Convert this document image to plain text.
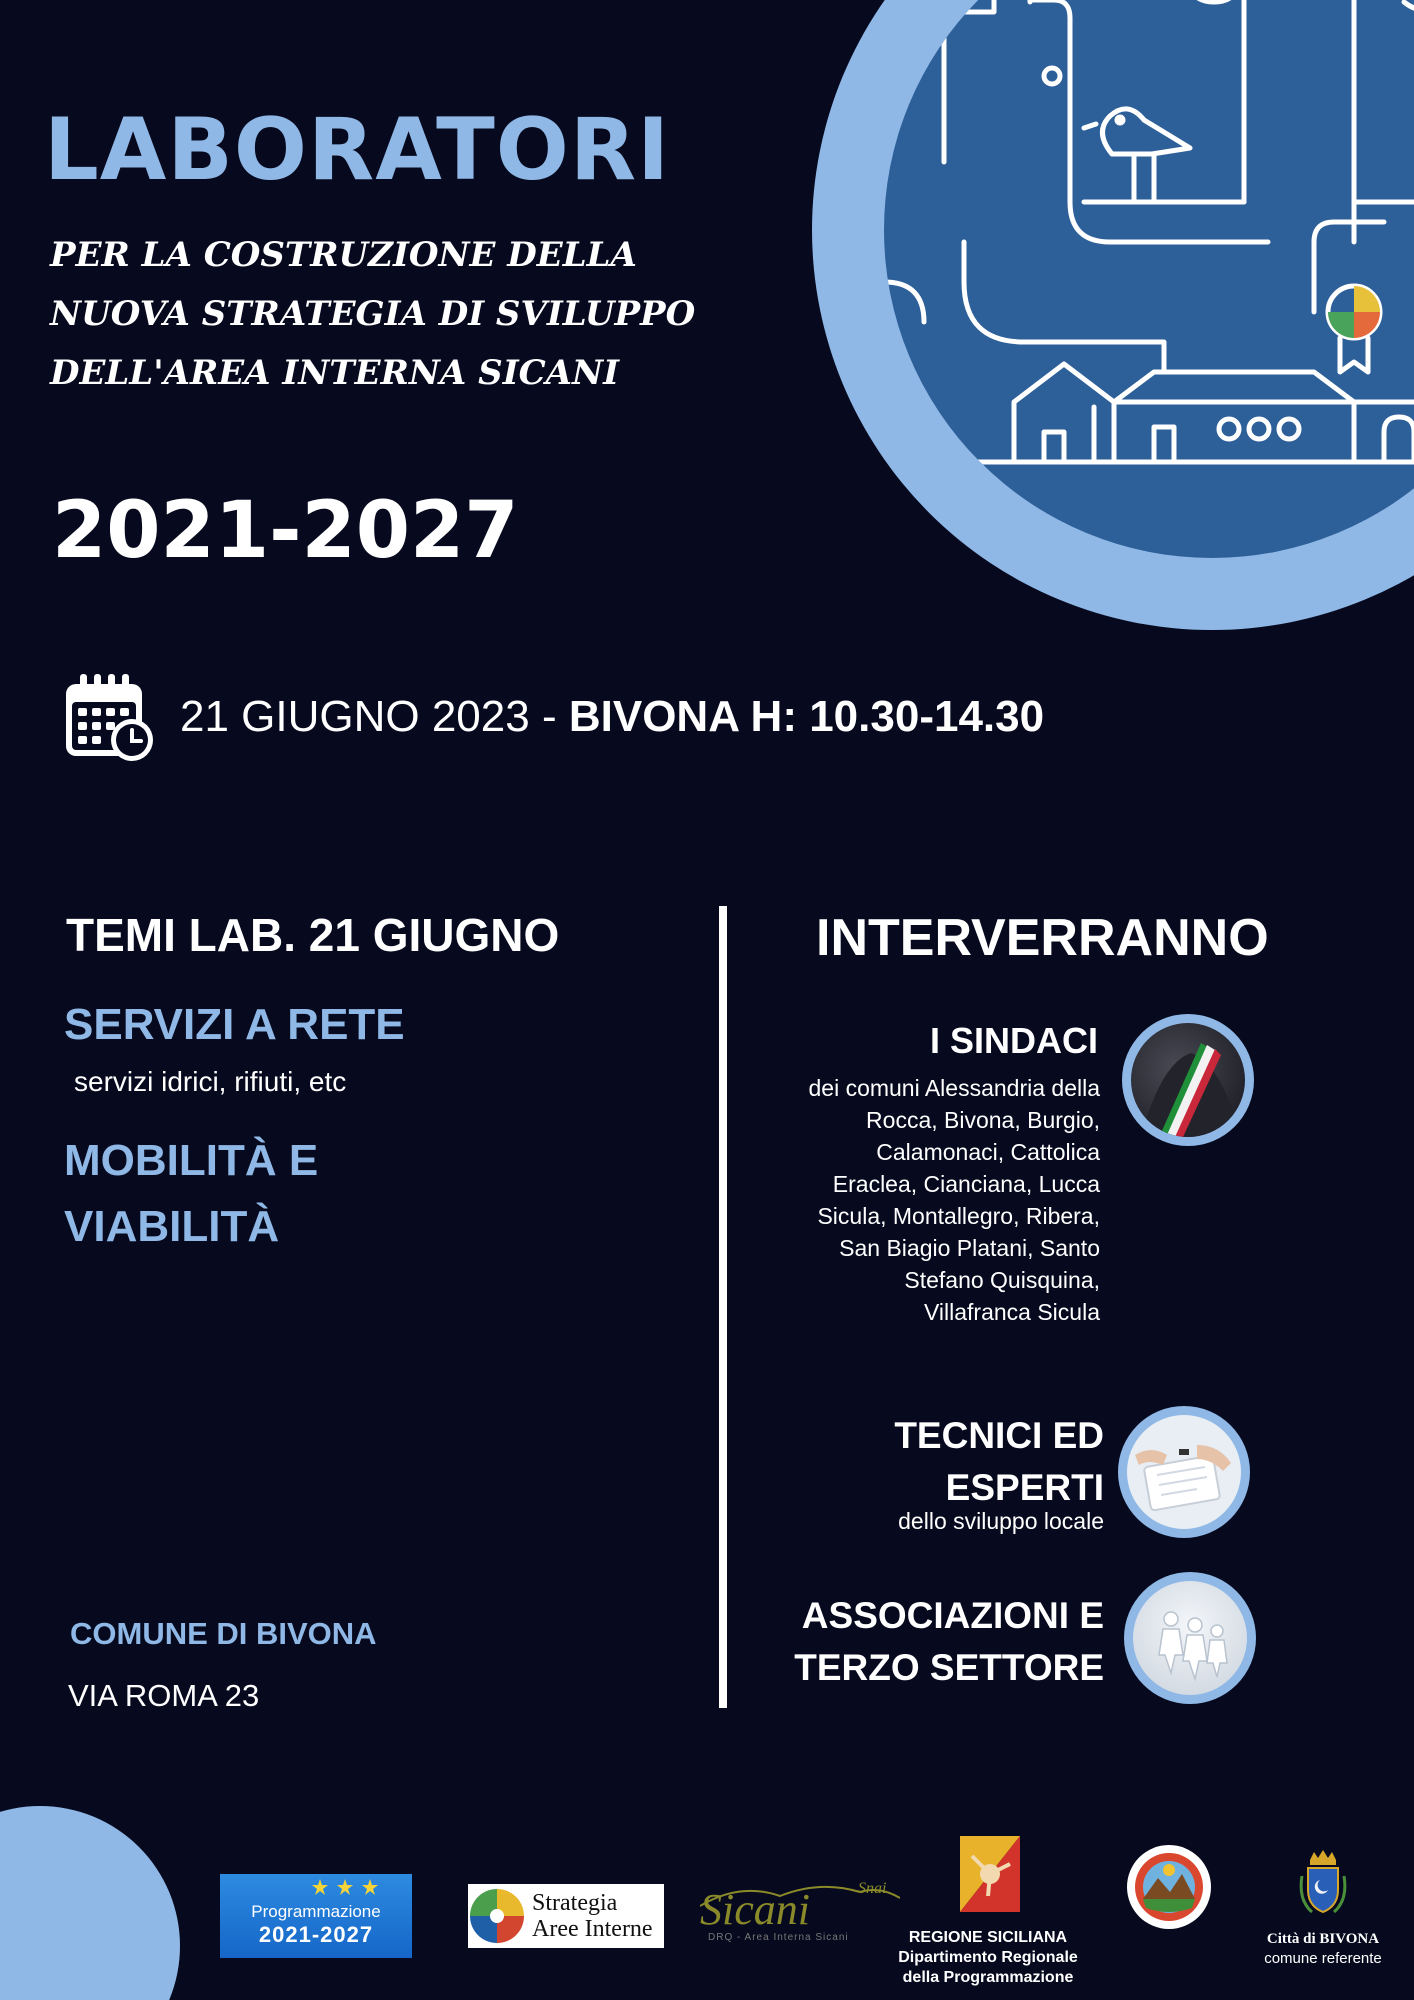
LABORATORI
PER LA COSTRUZIONE DELLA NUOVA STRATEGIA DI SVILUPPO DELL'AREA INTERNA SICANI
2021-2027
21 GIUGNO 2023 - BIVONA H: 10.30-14.30
TEMI LAB. 21 GIUGNO
SERVIZI A RETE
servizi idrici, rifiuti, etc
MOBILITÀ E VIABILITÀ
COMUNE DI BIVONA
VIA ROMA 23
INTERVERRANNO
I SINDACI
dei comuni Alessandria della Rocca, Bivona, Burgio, Calamonaci, Cattolica Eraclea, Cianciana, Lucca Sicula, Montallegro, Ribera, San Biagio Platani, Santo Stefano Quisquina, Villafranca Sicula
TECNICI ED ESPERTI
dello sviluppo locale
ASSOCIAZIONI E TERZO SETTORE
Programmazione
2021-2027
Strategia
Aree Interne Sicani	Snai
DRQ - Area Interna Sicani	REGIONE SICILIANA
Dipartimento Regionale
della Programmazione
Città di BIVONA
comune referente
